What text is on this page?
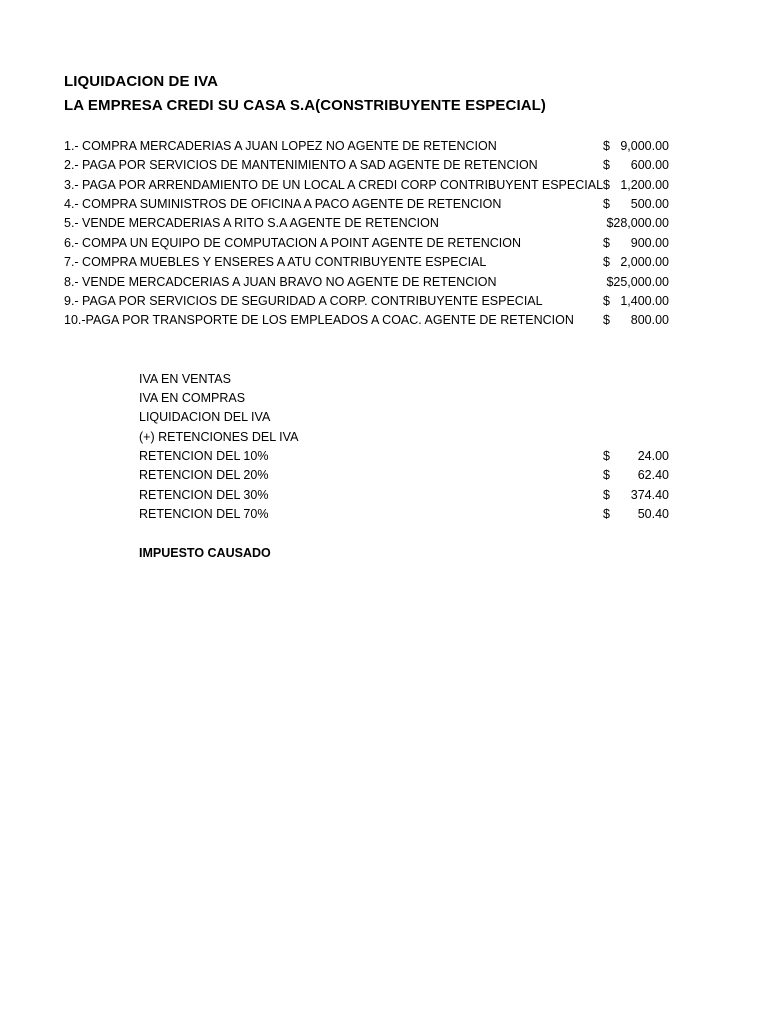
LIQUIDACION DE IVA
LA EMPRESA CREDI SU CASA S.A(CONSTRIBUYENTE ESPECIAL)
1.- COMPRA MERCADERIAS A JUAN LOPEZ NO AGENTE DE RETENCION	$ 9,000.00
2.- PAGA POR SERVICIOS DE MANTENIMIENTO A SAD AGENTE DE RETENCION	$ 600.00
3.- PAGA POR ARRENDAMIENTO DE UN LOCAL A CREDI CORP CONTRIBUYENT ESPECIAL $ 1,200.00
4.- COMPRA SUMINISTROS DE OFICINA A PACO AGENTE DE RETENCION	$ 500.00
5.- VENDE MERCADERIAS A RITO S.A AGENTE DE RETENCION	$28,000.00
6.- COMPA UN EQUIPO DE COMPUTACION A POINT AGENTE DE RETENCION	$ 900.00
7.- COMPRA MUEBLES Y ENSERES A ATU CONTRIBUYENTE ESPECIAL	$ 2,000.00
8.- VENDE MERCADCERIAS A JUAN BRAVO NO AGENTE DE RETENCION	$25,000.00
9.- PAGA POR SERVICIOS DE SEGURIDAD A CORP. CONTRIBUYENTE ESPECIAL	$ 1,400.00
10.-PAGA POR TRANSPORTE DE LOS EMPLEADOS A COAC. AGENTE DE RETENCION $ 800.00
IVA EN VENTAS
IVA EN COMPRAS
LIQUIDACION DEL IVA
(+) RETENCIONES DEL IVA
RETENCION DEL 10%	$ 24.00
RETENCION DEL 20%	$ 62.40
RETENCION DEL 30%	$ 374.40
RETENCION DEL 70%	$ 50.40
IMPUESTO CAUSADO
